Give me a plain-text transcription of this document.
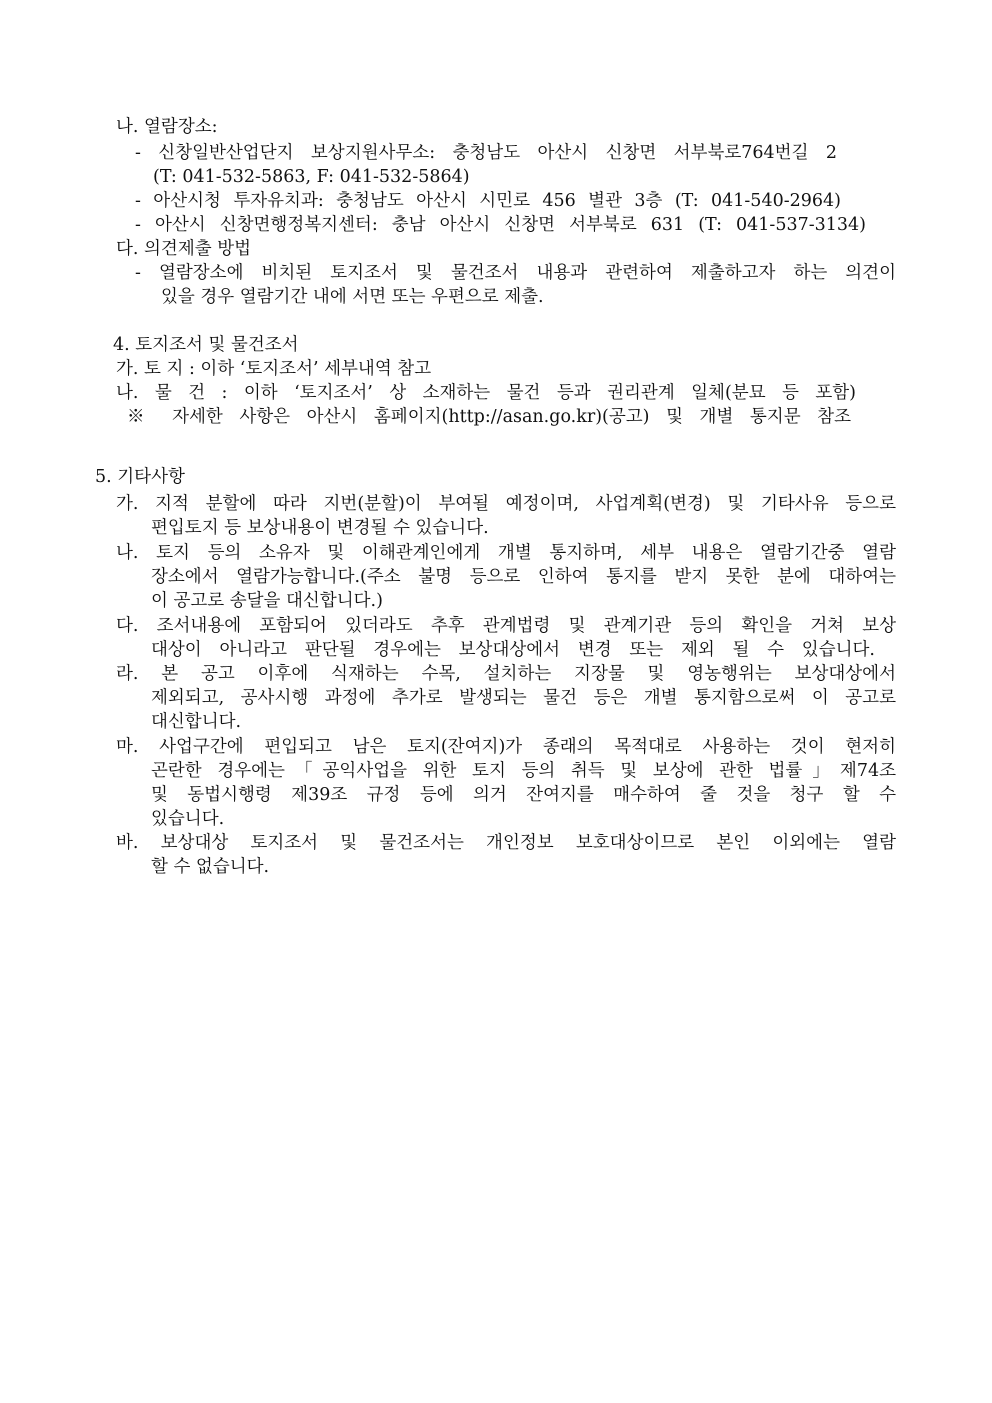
나. 열람장소:
- 신창일반산업단지 보상지원사무소: 충청남도 아산시 신창면 서부북로764번길 2
(T: 041-532-5863, F: 041-532-5864)
- 아산시청 투자유치과: 충청남도 아산시 시민로 456 별관 3층 (T: 041-540-2964)
- 아산시 신창면행정복지센터: 충남 아산시 신창면 서부북로 631 (T: 041-537-3134)
다. 의견제출 방법
- 열람장소에 비치된 토지조서 및 물건조서 내용과 관련하여 제출하고자 하는 의견이
있을 경우 열람기간 내에 서면 또는 우편으로 제출.
4. 토지조서 및 물건조서
가. 토 지 : 이하 ‘토지조서’ 세부내역 참고
나. 물 건 : 이하 ‘토지조서’ 상 소재하는 물건 등과 권리관계 일체(분묘 등 포함)
※ 자세한 사항은 아산시 홈페이지(http://asan.go.kr)(공고) 및 개별 통지문 참조
5. 기타사항
가. 지적 분할에 따라 지번(분할)이 부여될 예정이며, 사업계획(변경) 및 기타사유 등으로
편입토지 등 보상내용이 변경될 수 있습니다.
나. 토지 등의 소유자 및 이해관계인에게 개별 통지하며, 세부 내용은 열람기간중 열람
장소에서 열람가능합니다.(주소 불명 등으로 인하여 통지를 받지 못한 분에 대하여는
이 공고로 송달을 대신합니다.)
다. 조서내용에 포함되어 있더라도 추후 관계법령 및 관계기관 등의 확인을 거쳐 보상
대상이 아니라고 판단될 경우에는 보상대상에서 변경 또는 제외 될 수 있습니다.
라. 본 공고 이후에 식재하는 수목, 설치하는 지장물 및 영농행위는 보상대상에서
제외되고, 공사시행 과정에 추가로 발생되는 물건 등은 개별 통지함으로써 이 공고로
대신합니다.
마. 사업구간에 편입되고 남은 토지(잔여지)가 종래의 목적대로 사용하는 것이 현저히
곤란한 경우에는「공익사업을 위한 토지 등의 취득 및 보상에 관한 법률」제74조
및 동법시행령 제39조 규정 등에 의거 잔여지를 매수하여 줄 것을 청구 할 수
있습니다.
바. 보상대상 토지조서 및 물건조서는 개인정보 보호대상이므로 본인 이외에는 열람
할 수 없습니다.
